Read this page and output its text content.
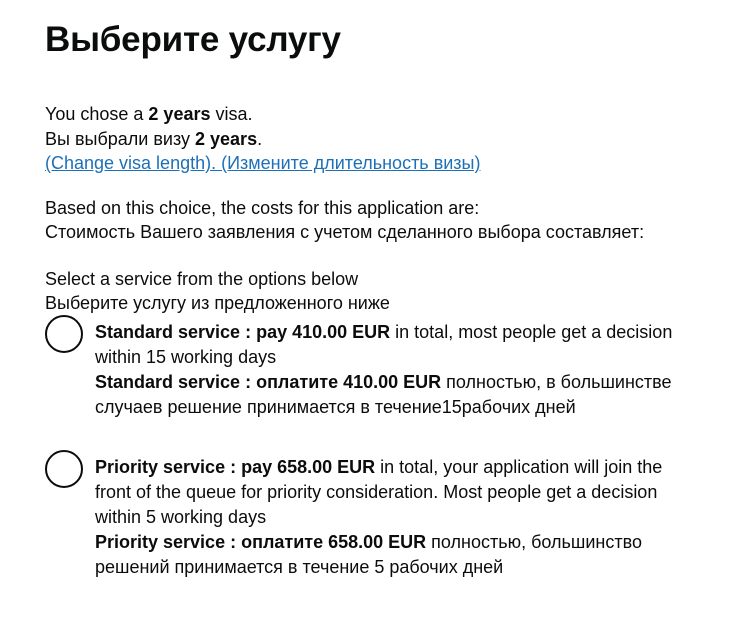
Выберите услугу
You chose a 2 years visa.
Вы выбрали визу 2 years.
(Change visa length). (Измените длительность визы)
Based on this choice, the costs for this application are:
Стоимость Вашего заявления с учетом сделанного выбора составляет:
Select a service from the options below
Выберите услугу из предложенного ниже
Standard service : pay 410.00 EUR in total, most people get a decision
within 15 working days
Standard service : оплатите 410.00 EUR полностью, в большинстве
случаев решение принимается в течение15рабочих дней
Priority service : pay 658.00 EUR in total, your application will join the
front of the queue for priority consideration. Most people get a decision
within 5 working days
Priority service : оплатите 658.00 EUR полностью, большинство
решений принимается в течение 5 рабочих дней
